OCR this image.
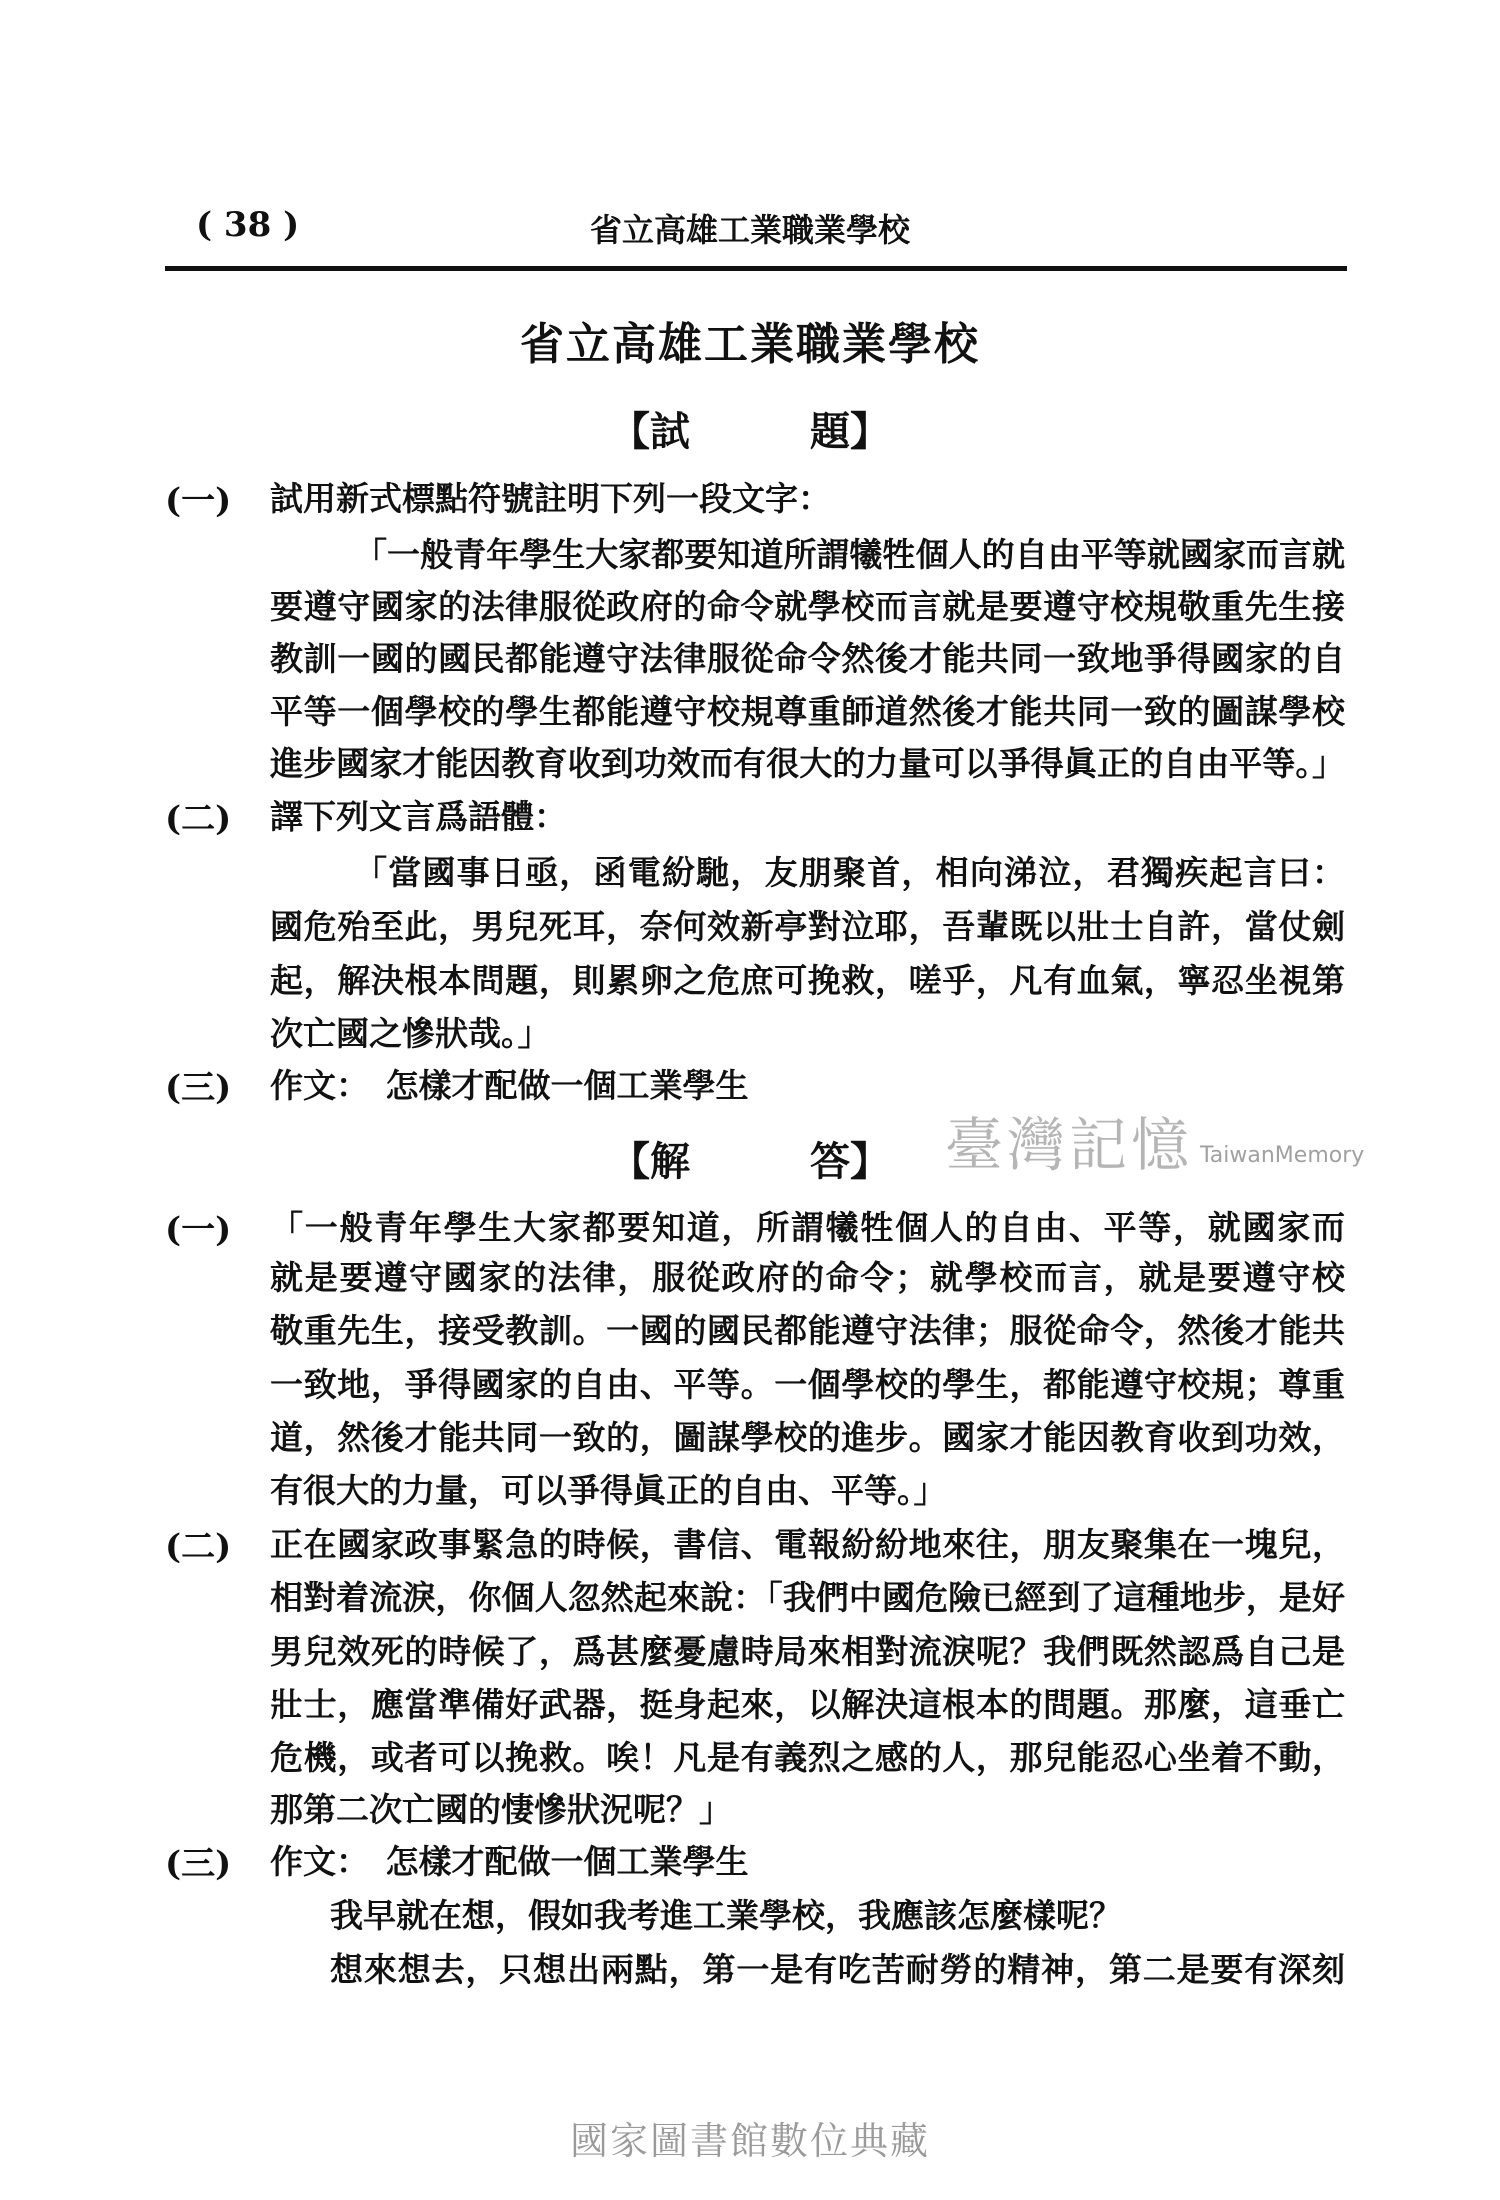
( 38 )	省立高雄工業職業學校
省立高雄工業職業學校
【試　　　題】
(一) 試用新式標點符號註明下列一段文字：
「一般青年學生大家都要知道所謂犧牲個人的自由平等就國家而言就
要遵守國家的法律服從政府的命令就學校而言就是要遵守校規敬重先生接
教訓一國的國民都能遵守法律服從命令然後才能共同一致地爭得國家的自
平等一個學校的學生都能遵守校規尊重師道然後才能共同一致的圖謀學校
進步國家才能因教育收到功效而有很大的力量可以爭得眞正的自由平等。」
(二) 譯下列文言爲語體：
「當國事日亟，函電紛馳，友朋聚首，相向涕泣，君獨疾起言曰：
國危殆至此，男兒死耳，奈何效新亭對泣耶，吾輩既以壯士自許，當仗劍
起，解決根本問題，則累卵之危庶可挽救，嗟乎，凡有血氣，寧忍坐視第
次亡國之慘狀哉。」
(三) 作文：　怎樣才配做一個工業學生
【解　　　答】 臺灣記憶 TaiwanMemory
(一) 「一般青年學生大家都要知道，所謂犧牲個人的自由、平等，就國家而
就是要遵守國家的法律，服從政府的命令；就學校而言，就是要遵守校
敬重先生，接受教訓。一國的國民都能遵守法律；服從命令，然後才能共
一致地，爭得國家的自由、平等。一個學校的學生，都能遵守校規；尊重
道，然後才能共同一致的，圖謀學校的進步。國家才能因教育收到功效，
有很大的力量，可以爭得眞正的自由、平等。」
(二) 正在國家政事緊急的時候，書信、電報紛紛地來往，朋友聚集在一塊兒，
相對着流淚，你個人忽然起來說：「我們中國危險已經到了這種地步，是好
男兒效死的時候了，爲甚麼憂慮時局來相對流淚呢？我們既然認爲自己是
壯士，應當準備好武器，挺身起來，以解決這根本的問題。那麼，這垂亡
危機，或者可以挽救。唉！凡是有義烈之感的人，那兒能忍心坐着不動，
那第二次亡國的悽慘狀況呢？」
(三) 作文：　怎樣才配做一個工業學生
我早就在想，假如我考進工業學校，我應該怎麼樣呢？
想來想去，只想出兩點，第一是有吃苦耐勞的精神，第二是要有深刻
國家圖書館數位典藏
